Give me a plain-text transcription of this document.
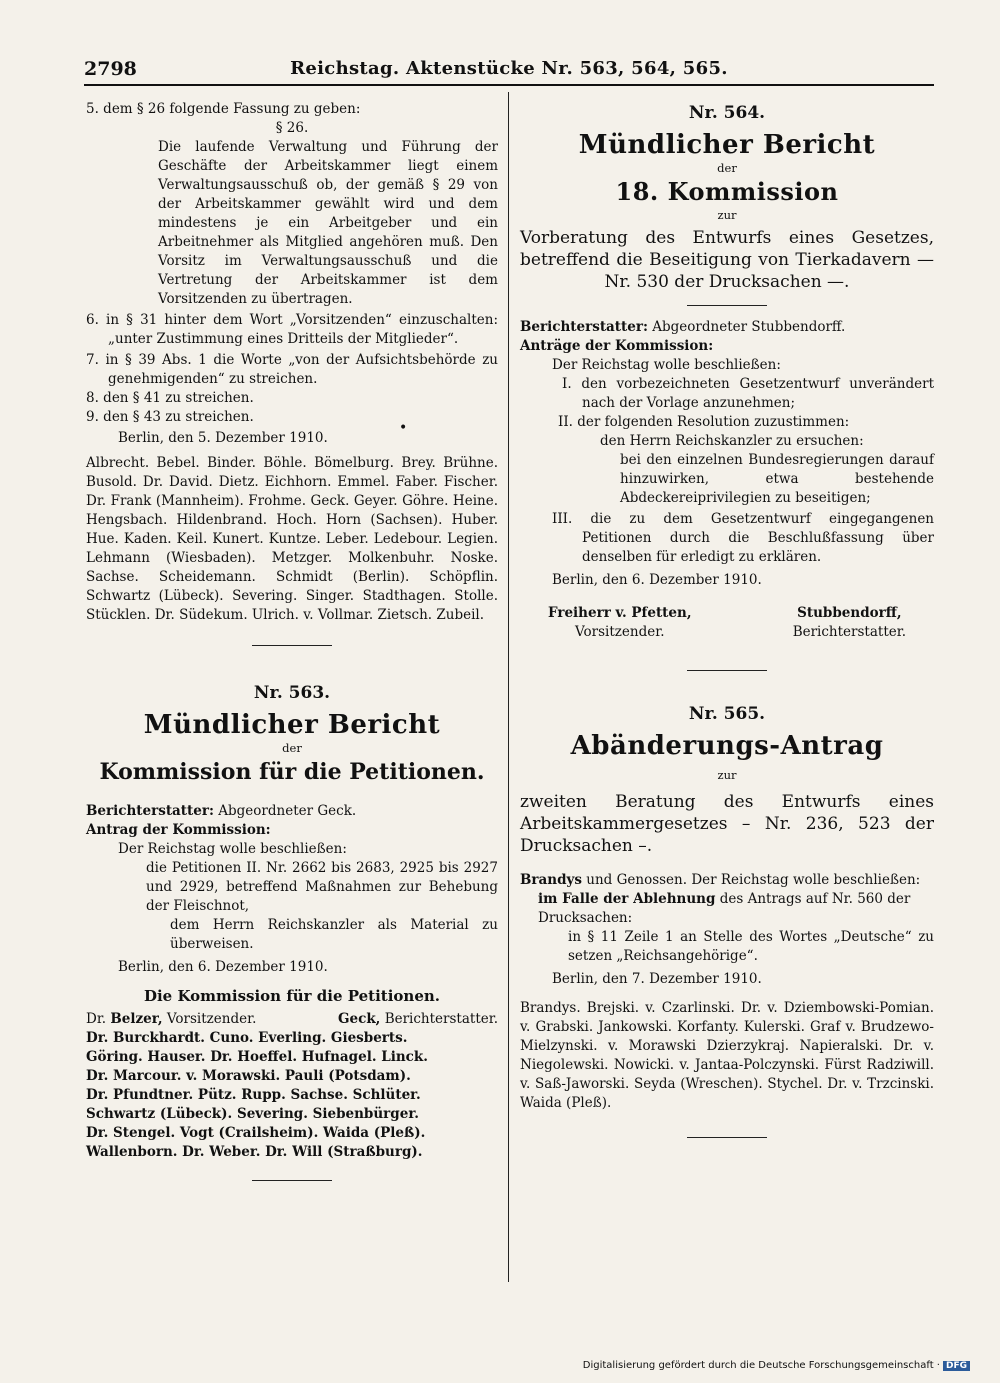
2798	Reichstag. Aktenstücke Nr. 563, 564, 565.
•

5. dem § 26 folgende Fassung zu geben:

§ 26.

Die laufende Verwaltung und Führung der Geschäfte der Arbeitskammer liegt einem Verwaltungsausschuß ob, der gemäß § 29 von der Arbeitskammer gewählt wird und dem mindestens je ein Arbeitgeber und ein Arbeitnehmer als Mitglied angehören muß. Den Vorsitz im Verwaltungsausschuß und die Vertretung der Arbeitskammer ist dem Vorsitzenden zu übertragen.

6. in § 31 hinter dem Wort „Vorsitzenden“ einzuschalten: „unter Zustimmung eines Dritteils der Mitglieder“.

7. in § 39 Abs. 1 die Worte „von der Aufsichtsbehörde zu genehmigenden“ zu streichen.

8. den § 41 zu streichen.

9. den § 43 zu streichen.

Berlin, den 5. Dezember 1910.

Albrecht. Bebel. Binder. Böhle. Bömelburg. Brey. Brühne. Busold. Dr. David. Dietz. Eichhorn. Emmel. Faber. Fischer. Dr. Frank (Mannheim). Frohme. Geck. Geyer. Göhre. Heine. Hengsbach. Hildenbrand. Hoch. Horn (Sachsen). Huber. Hue. Kaden. Keil. Kunert. Kuntze. Leber. Ledebour. Legien. Lehmann (Wiesbaden). Metzger. Molkenbuhr. Noske. Sachse. Scheidemann. Schmidt (Berlin). Schöpflin. Schwartz (Lübeck). Severing. Singer. Stadthagen. Stolle. Stücklen. Dr. Südekum. Ulrich. v. Vollmar. Zietsch. Zubeil.

Nr. 563.
Mündlicher Bericht
der
Kommission für die Petitionen.

Berichterstatter: Abgeordneter Geck.

Antrag der Kommission:

Der Reichstag wolle beschließen:

die Petitionen II. Nr. 2662 bis 2683, 2925 bis 2927 und 2929, betreffend Maßnahmen zur Behebung der Fleischnot,

dem Herrn Reichskanzler als Material zu überweisen.

Berlin, den 6. Dezember 1910.

Die Kommission für die Petitionen.

Dr. Belzer, Vorsitzender.	Geck, Berichterstatter.

Dr. Burckhardt. Cuno. Everling. Giesberts.

Göring. Hauser. Dr. Hoeffel. Hufnagel. Linck.

Dr. Marcour. v. Morawski. Pauli (Potsdam).

Dr. Pfundtner. Pütz. Rupp. Sachse. Schlüter.

Schwartz (Lübeck). Severing. Siebenbürger.

Dr. Stengel. Vogt (Crailsheim). Waida (Pleß).

Wallenborn. Dr. Weber. Dr. Will (Straßburg).

Nr. 564.
Mündlicher Bericht
der
18. Kommission
zur
Vorberatung des Entwurfs eines Gesetzes, betreffend die Beseitigung von Tierkadavern — Nr. 530 der Drucksachen —.

Berichterstatter: Abgeordneter Stubbendorff.

Anträge der Kommission:

Der Reichstag wolle beschließen:

I. den vorbezeichneten Gesetzentwurf unverändert nach der Vorlage anzunehmen;

II. der folgenden Resolution zuzustimmen:

den Herrn Reichskanzler zu ersuchen:

bei den einzelnen Bundesregierungen darauf hinzuwirken, etwa bestehende Abdeckereiprivilegien zu beseitigen;

III. die zu dem Gesetzentwurf eingegangenen Petitionen durch die Beschlußfassung über denselben für erledigt zu erklären.

Berlin, den 6. Dezember 1910.

Freiherr v. Pfetten,
Vorsitzender.
Stubbendorff,
Berichterstatter.
Nr. 565.
Abänderungs-Antrag
zur
zweiten Beratung des Entwurfs eines Arbeitskammergesetzes – Nr. 236, 523 der Drucksachen –.

Brandys und Genossen. Der Reichstag wolle beschließen:

im Falle der Ablehnung des Antrags auf Nr. 560 der Drucksachen:

in § 11 Zeile 1 an Stelle des Wortes „Deutsche“ zu setzen „Reichsangehörige“.

Berlin, den 7. Dezember 1910.

Brandys. Brejski. v. Czarlinski. Dr. v. Dziembowski-Pomian. v. Grabski. Jankowski. Korfanty. Kulerski. Graf v. Brudzewo-Mielzynski. v. Morawski Dzierzykraj. Napieralski. Dr. v. Niegolewski. Nowicki. v. Jantaa-Polczynski. Fürst Radziwill. v. Saß-Jaworski. Seyda (Wreschen). Stychel. Dr. v. Trzcinski. Waida (Pleß).

Digitalisierung gefördert durch die Deutsche Forschungsgemeinschaft · DFG
